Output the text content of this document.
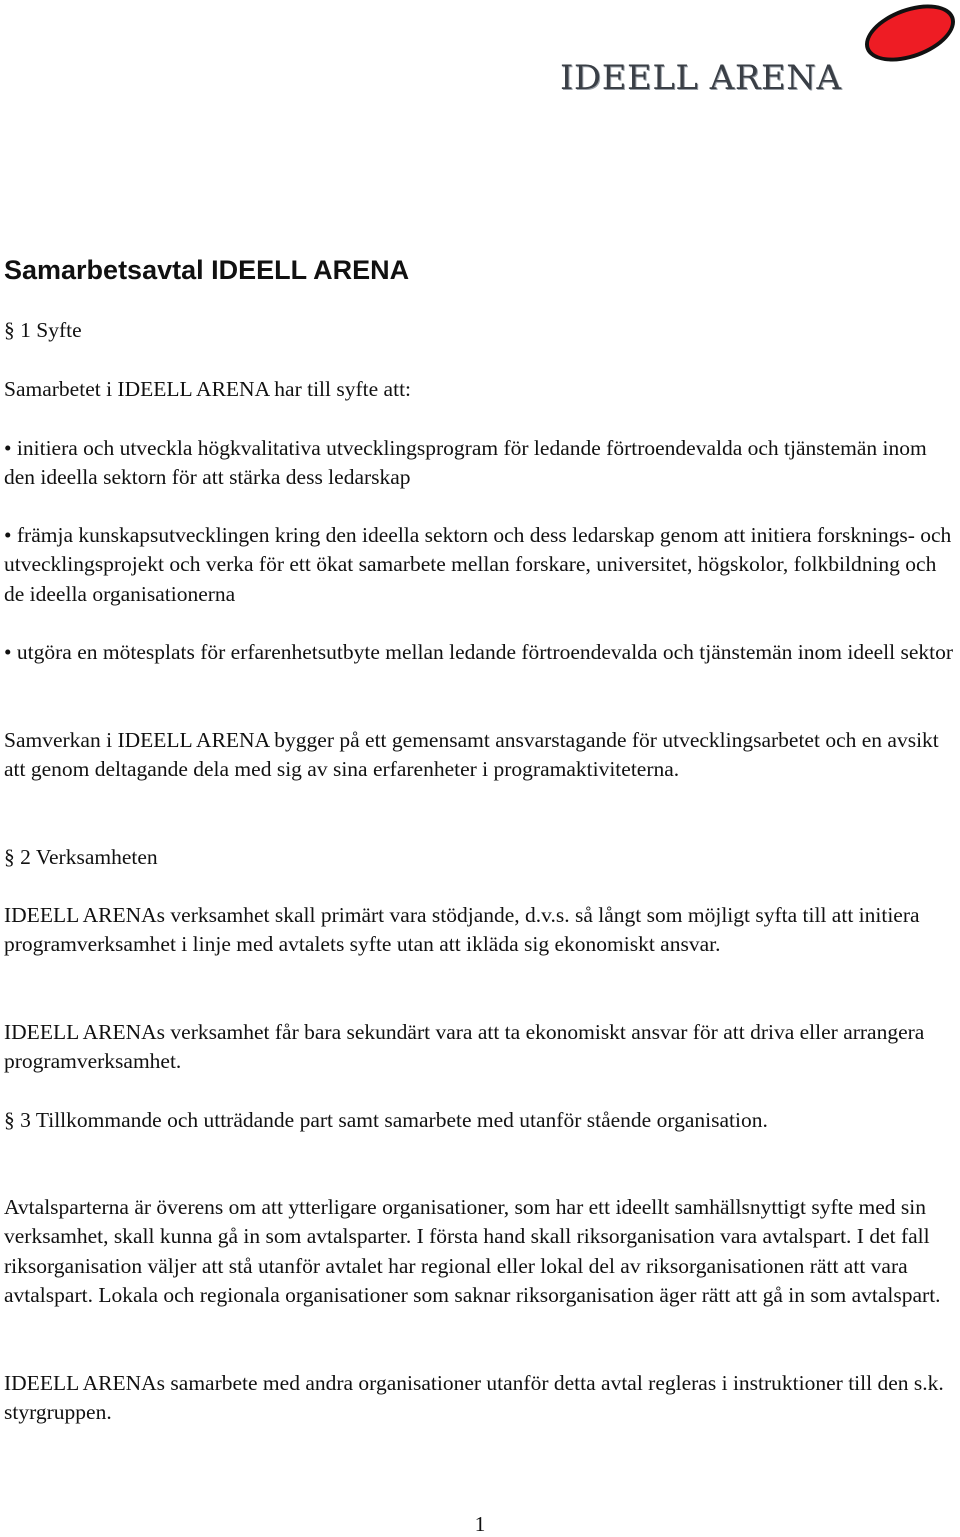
IDEELL ARENA
Samarbetsavtal IDEELL ARENA

§ 1 Syfte

Samarbetet i IDEELL ARENA har till syfte att:

• initiera och utveckla högkvalitativa utvecklingsprogram för ledande förtroendevalda och tjänstemän inom den ideella sektorn för att stärka dess ledarskap

• främja kunskapsutvecklingen kring den ideella sektorn och dess ledarskap genom att initiera forsknings- och utvecklingsprojekt och verka för ett ökat samarbete mellan forskare, universitet, högskolor, folkbildning och de ideella organisationerna

• utgöra en mötesplats för erfarenhetsutbyte mellan ledande förtroendevalda och tjänstemän inom ideell sektor

Samverkan i IDEELL ARENA bygger på ett gemensamt ansvarstagande för utvecklingsarbetet och en avsikt att genom deltagande dela med sig av sina erfarenheter i programaktiviteterna.

§ 2 Verksamheten

IDEELL ARENAs verksamhet skall primärt vara stödjande, d.v.s. så långt som möjligt syfta till att initiera programverksamhet i linje med avtalets syfte utan att ikläda sig ekonomiskt ansvar.

IDEELL ARENAs verksamhet får bara sekundärt vara att ta ekonomiskt ansvar för att driva eller arrangera programverksamhet.

§ 3 Tillkommande och utträdande part samt samarbete med utanför stående organisation.

Avtalsparterna är överens om att ytterligare organisationer, som har ett ideellt samhällsnyttigt syfte med sin verksamhet, skall kunna gå in som avtalsparter. I första hand skall riksorganisation vara avtalspart. I det fall riksorganisation väljer att stå utanför avtalet har regional eller lokal del av riksorganisationen rätt att vara avtalspart. Lokala och regionala organisationer som saknar riksorganisation äger rätt att gå in som avtalspart.

IDEELL ARENAs samarbete med andra organisationer utanför detta avtal regleras i instruktioner till den s.k. styrgruppen.

1
